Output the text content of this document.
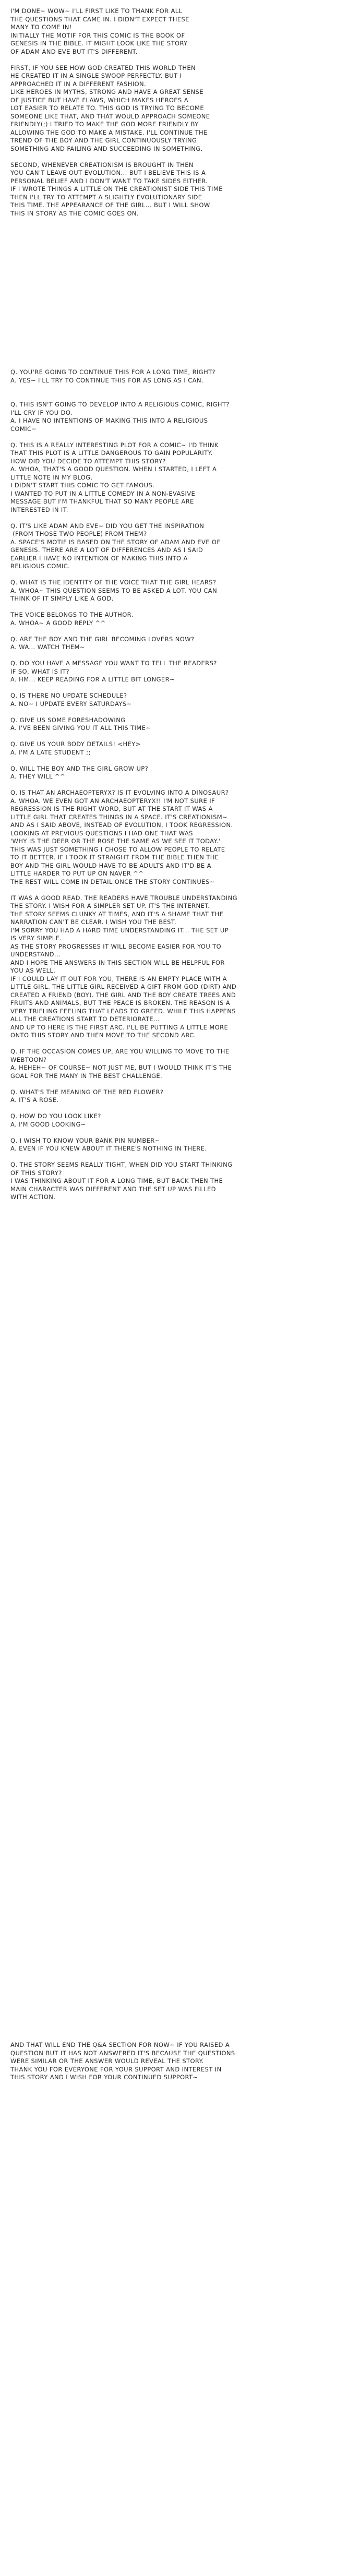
I'M DONE~ WOW~ I'LL FIRST LIKE TO THANK FOR ALL
THE QUESTIONS THAT CAME IN. I DIDN'T EXPECT THESE
MANY TO COME IN!
INITIALLY THE MOTIF FOR THIS COMIC IS THE BOOK OF
GENESIS IN THE BIBLE. IT MIGHT LOOK LIKE THE STORY
OF ADAM AND EVE BUT IT'S DIFFERENT.

FIRST, IF YOU SEE HOW GOD CREATED THIS WORLD THEN
HE CREATED IT IN A SINGLE SWOOP PERFECTLY. BUT I
APPROACHED IT IN A DIFFERENT FASHION.
LIKE HEROES IN MYTHS, STRONG AND HAVE A GREAT SENSE
OF JUSTICE BUT HAVE FLAWS, WHICH MAKES HEROES A
LOT EASIER TO RELATE TO. THIS GOD IS TRYING TO BECOME
SOMEONE LIKE THAT, AND THAT WOULD APPROACH SOMEONE
FRIENDLY(;) I TRIED TO MAKE THE GOD MORE FRIENDLY BY
ALLOWING THE GOD TO MAKE A MISTAKE. I'LL CONTINUE THE
TREND OF THE BOY AND THE GIRL CONTINUOUSLY TRYING
SOMETHING AND FAILING AND SUCCEEDING IN SOMETHING.

SECOND, WHENEVER CREATIONISM IS BROUGHT IN THEN
YOU CAN'T LEAVE OUT EVOLUTION... BUT I BELIEVE THIS IS A
PERSONAL BELIEF AND I DON'T WANT TO TAKE SIDES EITHER.
IF I WROTE THINGS A LITTLE ON THE CREATIONIST SIDE THIS TIME
THEN I'LL TRY TO ATTEMPT A SLIGHTLY EVOLUTIONARY SIDE
THIS TIME. THE APPEARANCE OF THE GIRL... BUT I WILL SHOW
THIS IN STORY AS THE COMIC GOES ON.
Q. YOU'RE GOING TO CONTINUE THIS FOR A LONG TIME, RIGHT?
A. YES~ I'LL TRY TO CONTINUE THIS FOR AS LONG AS I CAN.

Q. THIS ISN'T GOING TO DEVELOP INTO A RELIGIOUS COMIC, RIGHT?
I'LL CRY IF YOU DO.
A. I HAVE NO INTENTIONS OF MAKING THIS INTO A RELIGIOUS
COMIC~

Q. THIS IS A REALLY INTERESTING PLOT FOR A COMIC~ I'D THINK
THAT THIS PLOT IS A LITTLE DANGEROUS TO GAIN POPULARITY.
HOW DID YOU DECIDE TO ATTEMPT THIS STORY?
A. WHOA, THAT'S A GOOD QUESTION. WHEN I STARTED, I LEFT A
LITTLE NOTE IN MY BLOG.
I DIDN'T START THIS COMIC TO GET FAMOUS.
I WANTED TO PUT IN A LITTLE COMEDY IN A NON-EVASIVE
MESSAGE BUT I'M THANKFUL THAT SO MANY PEOPLE ARE
INTERESTED IN IT.

Q. IT'S LIKE ADAM AND EVE~ DID YOU GET THE INSPIRATION
(FROM THOSE TWO PEOPLE) FROM THEM?
A. SPACE'S MOTIF IS BASED ON THE STORY OF ADAM AND EVE OF
GENESIS. THERE ARE A LOT OF DIFFERENCES AND AS I SAID
EARLIER I HAVE NO INTENTION OF MAKING THIS INTO A
RELIGIOUS COMIC.

Q. WHAT IS THE IDENTITY OF THE VOICE THAT THE GIRL HEARS?
A. WHOA~ THIS QUESTION SEEMS TO BE ASKED A LOT. YOU CAN
THINK OF IT SIMPLY LIKE A GOD.

THE VOICE BELONGS TO THE AUTHOR.
A. WHOA~ A GOOD REPLY ^^

Q. ARE THE BOY AND THE GIRL BECOMING LOVERS NOW?
A. WA... WATCH THEM~

Q. DO YOU HAVE A MESSAGE YOU WANT TO TELL THE READERS?
IF SO, WHAT IS IT?
A. HM... KEEP READING FOR A LITTLE BIT LONGER~

Q. IS THERE NO UPDATE SCHEDULE?
A. NO~ I UPDATE EVERY SATURDAYS~

Q. GIVE US SOME FORESHADOWING
A. I'VE BEEN GIVING YOU IT ALL THIS TIME~

Q. GIVE US YOUR BODY DETAILS! <HEY>
A. I'M A LATE STUDENT ;;

Q. WILL THE BOY AND THE GIRL GROW UP?
A. THEY WILL ^^

Q. IS THAT AN ARCHAEOPTERYX? IS IT EVOLVING INTO A DINOSAUR?
A. WHOA. WE EVEN GOT AN ARCHAEOPTERYX!! I'M NOT SURE IF
REGRESSION IS THE RIGHT WORD, BUT AT THE START IT WAS A
LITTLE GIRL THAT CREATES THINGS IN A SPACE. IT'S CREATIONISM~
AND AS I SAID ABOVE, INSTEAD OF EVOLUTION, I TOOK REGRESSION.
LOOKING AT PREVIOUS QUESTIONS I HAD ONE THAT WAS
'WHY IS THE DEER OR THE ROSE THE SAME AS WE SEE IT TODAY.'
THIS WAS JUST SOMETHING I CHOSE TO ALLOW PEOPLE TO RELATE
TO IT BETTER. IF I TOOK IT STRAIGHT FROM THE BIBLE THEN THE
BOY AND THE GIRL WOULD HAVE TO BE ADULTS AND IT'D BE A
LITTLE HARDER TO PUT UP ON NAVER ^^
THE REST WILL COME IN DETAIL ONCE THE STORY CONTINUES~

IT WAS A GOOD READ. THE READERS HAVE TROUBLE UNDERSTANDING
THE STORY. I WISH FOR A SIMPLER SET UP. IT'S THE INTERNET.
THE STORY SEEMS CLUNKY AT TIMES, AND IT'S A SHAME THAT THE
NARRATION CAN'T BE CLEAR. I WISH YOU THE BEST.
I'M SORRY YOU HAD A HARD TIME UNDERSTANDING IT... THE SET UP
IS VERY SIMPLE.
AS THE STORY PROGRESSES IT WILL BECOME EASIER FOR YOU TO
UNDERSTAND...
AND I HOPE THE ANSWERS IN THIS SECTION WILL BE HELPFUL FOR
YOU AS WELL.
IF I COULD LAY IT OUT FOR YOU, THERE IS AN EMPTY PLACE WITH A
LITTLE GIRL. THE LITTLE GIRL RECEIVED A GIFT FROM GOD (DIRT) AND
CREATED A FRIEND (BOY). THE GIRL AND THE BOY CREATE TREES AND
FRUITS AND ANIMALS, BUT THE PEACE IS BROKEN. THE REASON IS A
VERY TRIFLING FEELING THAT LEADS TO GREED. WHILE THIS HAPPENS
ALL THE CREATIONS START TO DETERIORATE...
AND UP TO HERE IS THE FIRST ARC. I'LL BE PUTTING A LITTLE MORE
ONTO THIS STORY AND THEN MOVE TO THE SECOND ARC.

Q. IF THE OCCASION COMES UP, ARE YOU WILLING TO MOVE TO THE
WEBTOON?
A. HEHEH~ OF COURSE~ NOT JUST ME, BUT I WOULD THINK IT'S THE
GOAL FOR THE MANY IN THE BEST CHALLENGE.

Q. WHAT'S THE MEANING OF THE RED FLOWER?
A. IT'S A ROSE.

Q. HOW DO YOU LOOK LIKE?
A. I'M GOOD LOOKING~

Q. I WISH TO KNOW YOUR BANK PIN NUMBER~
A. EVEN IF YOU KNEW ABOUT IT THERE'S NOTHING IN THERE.

Q. THE STORY SEEMS REALLY TIGHT, WHEN DID YOU START THINKING
OF THIS STORY?
I WAS THINKING ABOUT IT FOR A LONG TIME, BUT BACK THEN THE
MAIN CHARACTER WAS DIFFERENT AND THE SET UP WAS FILLED
WITH ACTION.
AND THAT WILL END THE Q&A SECTION FOR NOW~ IF YOU RAISED A
QUESTION BUT IT HAS NOT ANSWERED IT'S BECAUSE THE QUESTIONS
WERE SIMILAR OR THE ANSWER WOULD REVEAL THE STORY.
THANK YOU FOR EVERYONE FOR YOUR SUPPORT AND INTEREST IN
THIS STORY AND I WISH FOR YOUR CONTINUED SUPPORT~
